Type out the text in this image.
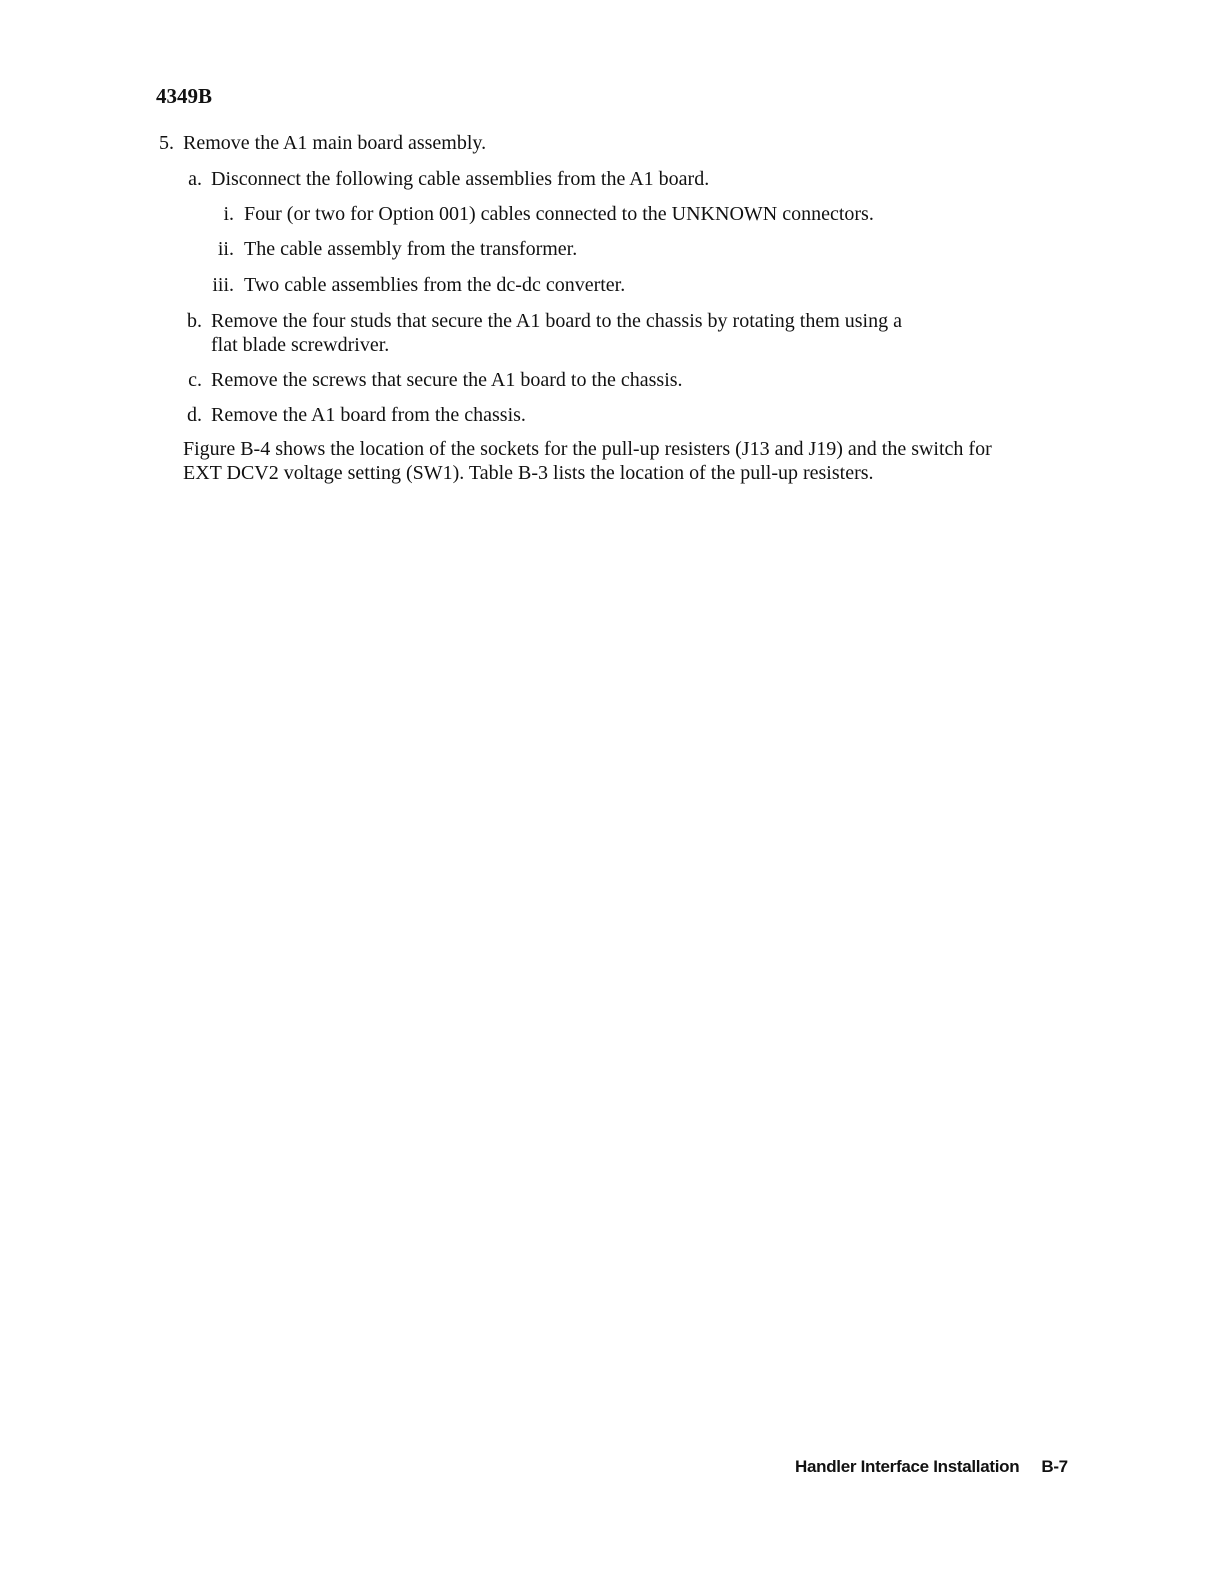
4349B
5. Remove the A1 main board assembly.
a. Disconnect the following cable assemblies from the A1 board.
i. Four (or two for Option 001) cables connected to the UNKNOWN connectors.
ii. The cable assembly from the transformer.
iii. Two cable assemblies from the dc-dc converter.
b. Remove the four studs that secure the A1 board to the chassis by rotating them using a
flat blade screwdriver.
c. Remove the screws that secure the A1 board to the chassis.
d. Remove the A1 board from the chassis.
Figure B-4 shows the location of the sockets for the pull-up resisters (J13 and J19) and the switch for EXT DCV2 voltage setting (SW1). Table B-3 lists the location of the pull-up resisters.
Handler Interface Installation B-7
